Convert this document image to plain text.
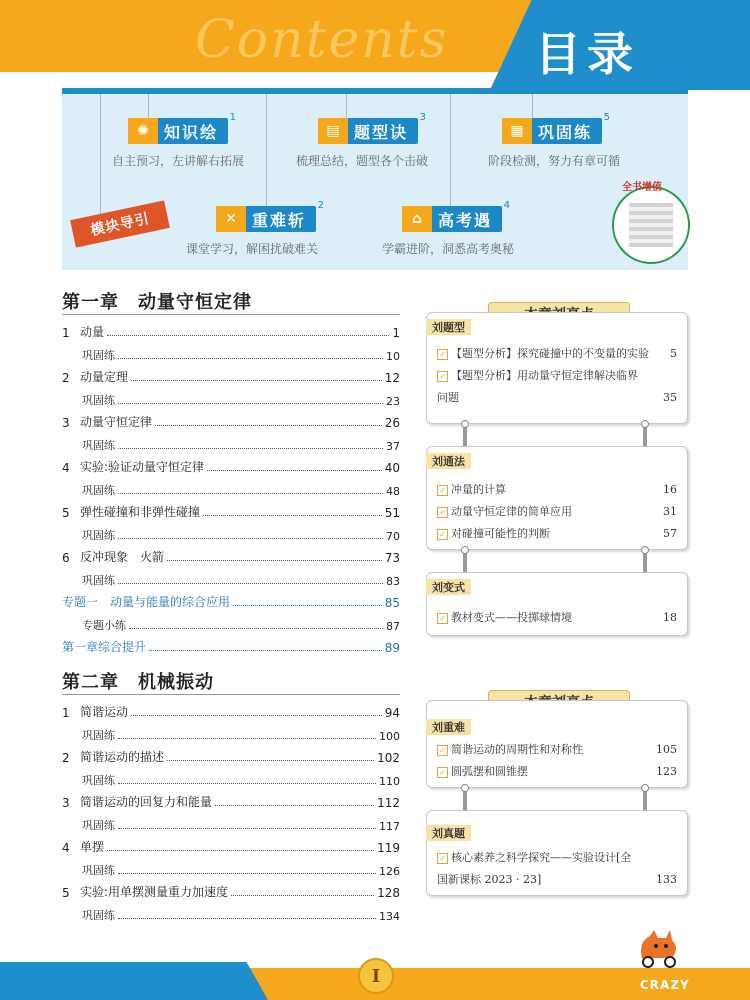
Contents 目录
✺ 知识绘
1
自主预习，左讲解右拓展
▤ 题型诀
3
梳理总结，题型各个击破
▦ 巩固练
5
阶段检测，努力有章可循
✕ 重难斩
2
课堂学习，解困扰破难关
⌂ 高考遇
4
学霸进阶，洞悉高考奥秘
模块导引
全书增值
第一章　动量守恒定律
1 动量	1
巩固练	10
2 动量定理	12
巩固练	23
3 动量守恒定律	26
巩固练	37
4 实验:验证动量守恒定律	40
巩固练	48
5 弹性碰撞和非弹性碰撞	51
巩固练	70
6 反冲现象　火箭	73
巩固练	83
专题一　动量与能量的综合应用	85
专题小练	87
第一章综合提升	89
第二章　机械振动
1 简谐运动	94
巩固练	100
2 简谐运动的描述	102
巩固练	110
3 简谐运动的回复力和能量	112
巩固练	117
4 单摆	119
巩固练	126
5 实验:用单摆测量重力加速度	128
巩固练	134
刘题型
✓ 【题型分析】探究碰撞中的不变量的实验 5
✓ 【题型分析】用动量守恒定律解决临界
问题	35
刘通法
✓ 冲量的计算	16
✓ 动量守恒定律的简单应用	31
✓ 对碰撞可能性的判断	57
刘变式
✓ 教材变式——投掷球情境	18
刘重难
✓ 简谐运动的周期性和对称性	105
✓ 圆弧摆和圆锥摆	123
刘真题
✓ 核心素养之科学探究——实验设计[全
国新课标 2023 · 23]	133
I	CRAZY
